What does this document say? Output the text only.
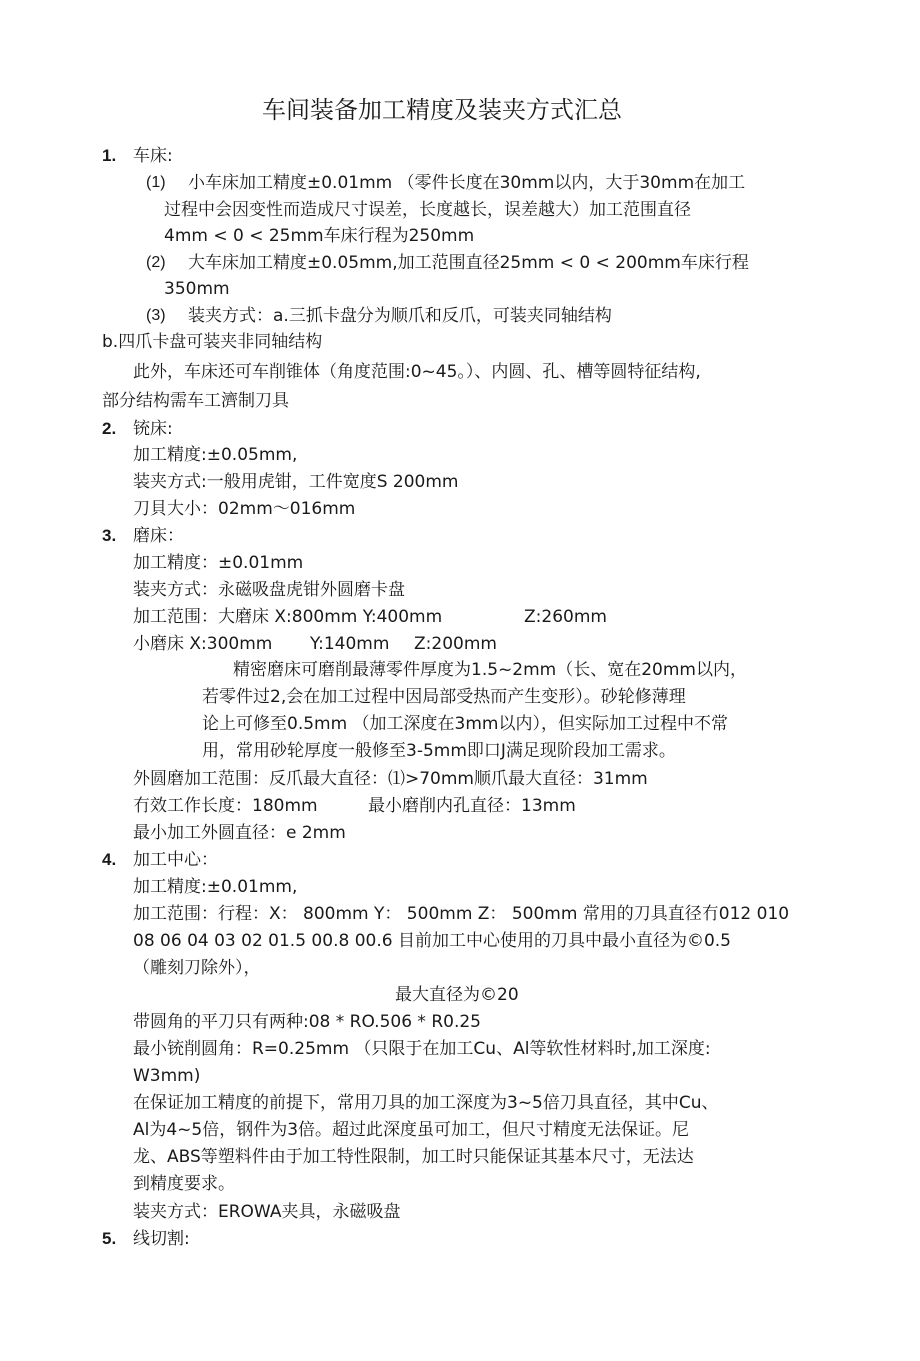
车间装备加工精度及装夹方式汇总
1. 车床:
(1) 小车床加工精度±0.01mm （零件长度在30mm以内，大于30mm在加工
过程中会因变性而造成尺寸误差，长度越长，误差越大）加工范围直径
4mm < 0 < 25mm车床行程为250mm
(2) 大车床加工精度±0.05mm,加工范围直径25mm < 0 < 200mm车床行程
350mm
(3) 装夹方式：a.三抓卡盘分为顺爪和反爪，可装夹同轴结构
b.四爪卡盘可装夹非同轴结构
此外，车床还可车削锥体（角度范围:0~45。）、内圆、孔、槽等圆特征结构,
部分结构需车工濟制刀具
2. 铳床:
加工精度:±0.05mm,
装夹方式:一般用虎钳，工件宽度S 200mm
刀貝大小：02mm〜016mm
3. 磨床：
加工精度：±0.01mm
装夹方式：永磁吸盘虎钳外圆磨卡盘
加工范围：大磨床 X:800mm Y:400mm	Z:260mm
小磨床 X:300mm Y:140mm Z:200mm
精密磨床可磨削最薄零件厚度为1.5~2mm（长、宽在20mm以内，
若零件过2,会在加工过程中因局部受热而产生变形）。砂轮修薄理
论上可修至0.5mm （加工深度在3mm以内），但实际加工过程中不常
用，常用砂轮厚度一般修至3-5mm即口J满足现阶段加工需求。
外圆磨加工范围：反爪最大直径：⑴>70mm顺爪最大直径：31mm
冇效工作长度：180mm	最小磨削内孔直径：13mm
最小加工外圆直径：e 2mm
4. 加工中心：
加工精度:±0.01mm,
加工范围：行程：X： 800mm Y： 500mm Z： 500mm 常用的刀具直径冇012 010
08 06 04 03 02 01.5 00.8 00.6 目前加工中心使用的刀具中最小直径为©0.5
（雕刻刀除外），
最大直径为©20
带圆角的平刀只有两种:08 * RO.506 * R0.25
最小铳削圆角：R=0.25mm （只限于在加工Cu、Al等软性材料时,加工深度:
W3mm)
在保证加工精度的前提下，常用刀具的加工深度为3~5倍刀具直径，其中Cu、
Al为4~5倍，钢件为3倍。超过此深度虽可加工，但尺寸精度无法保证。尼
龙、ABS等塑料件由于加工特性限制，加工时只能保证其基本尺寸，无法达
到精度要求。
装夹方式：EROWA夹具，永磁吸盘
5. 线切割:
